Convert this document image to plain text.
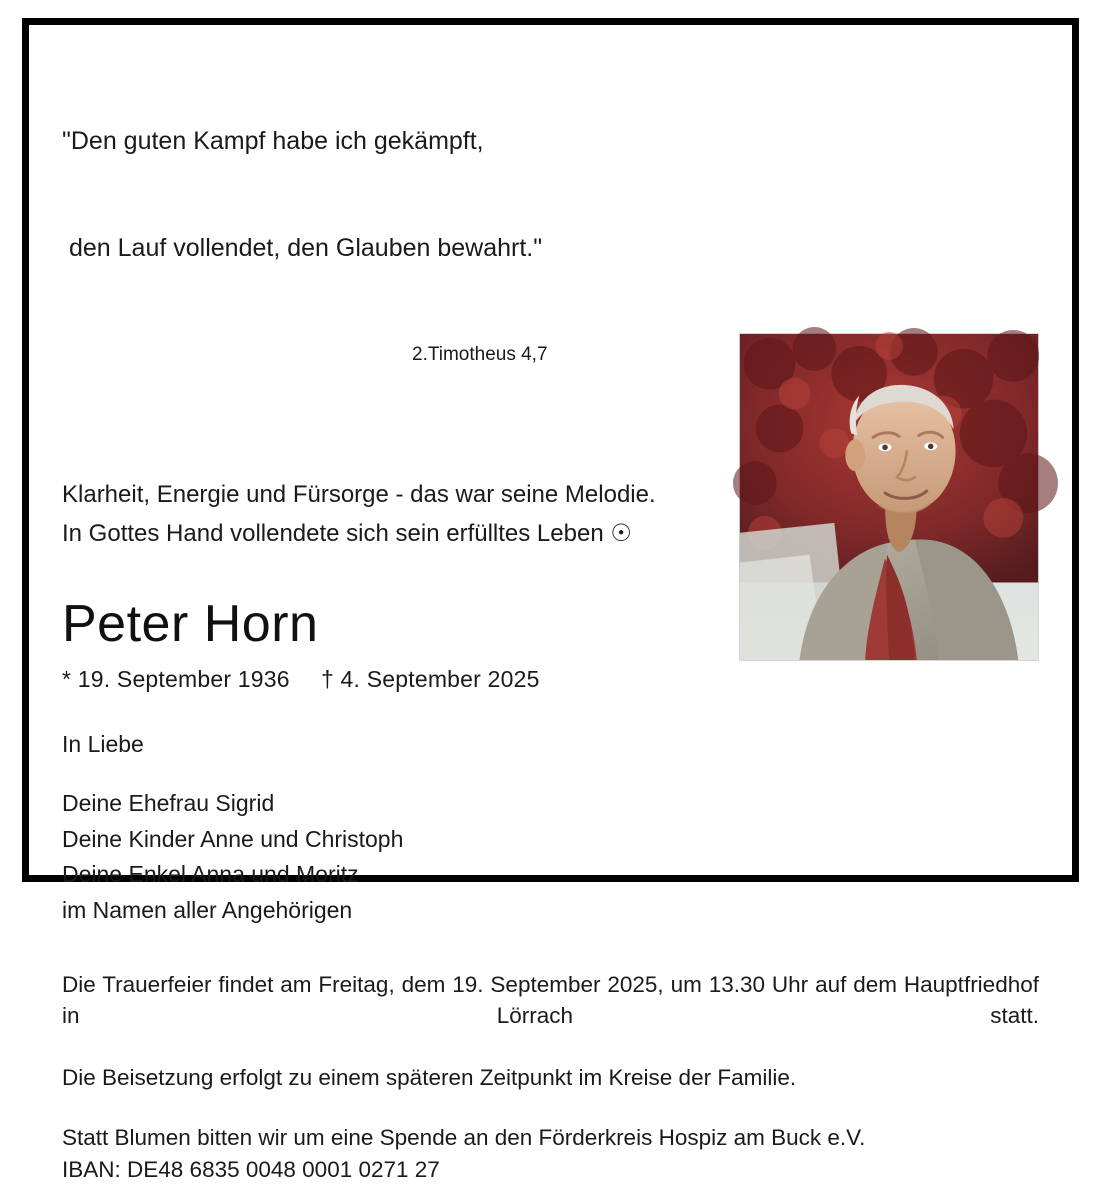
"Den guten Kampf habe ich gekämpft,

den Lauf vollendet, den Glauben bewahrt."

2.Timotheus 4,7

Klarheit, Energie und Fürsorge - das war seine Melodie.
In Gottes Hand vollendete sich sein erfülltes Leben ☉
Peter Horn
* 19. September 1936 † 4. September 2025
In Liebe
Deine Ehefrau Sigrid
Deine Kinder Anne und Christoph
Deine Enkel Anna und Moritz
im Namen aller Angehörigen

Die Trauerfeier findet am Freitag, dem 19. September 2025, um 13.30 Uhr auf dem Hauptfriedhof in Lörrach statt.

Die Beisetzung erfolgt zu einem späteren Zeitpunkt im Kreise der Familie.

Statt Blumen bitten wir um eine Spende an den Förderkreis Hospiz am Buck e.V.
IBAN: DE48 6835 0048 0001 0271 27
